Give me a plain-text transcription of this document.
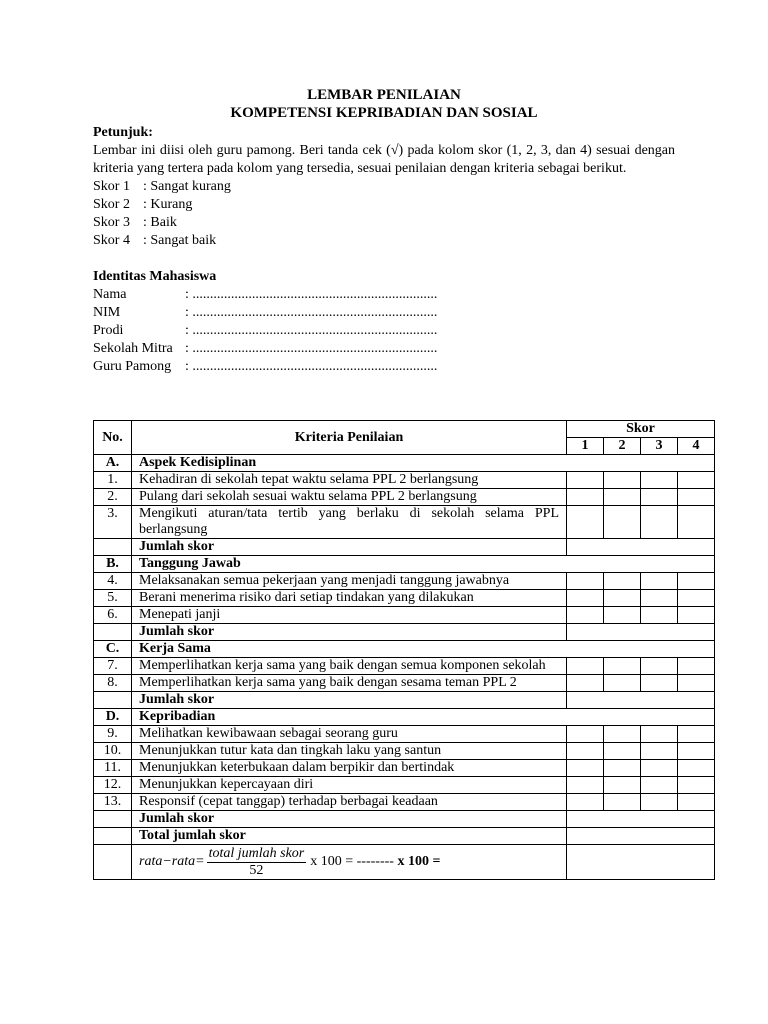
LEMBAR PENILAIAN

KOMPETENSI KEPRIBADIAN DAN SOSIAL

Petunjuk:

Lembar ini diisi oleh guru pamong. Beri tanda cek (√) pada kolom skor (1, 2, 3, dan 4) sesuai dengan kriteria yang tertera pada kolom yang tersedia, sesuai penilaian dengan kriteria sebagai berikut.

Skor 1 : Sangat kurang
Skor 2 : Kurang
Skor 3 : Baik
Skor 4 : Sangat baik

Identitas Mahasiswa

Nama	: ......................................................................
NIM	: ......................................................................
Prodi	: ......................................................................
Sekolah Mitra : ......................................................................
Guru Pamong : ......................................................................
No.	Kriteria Penilaian	Skor			
		1	2	3	4
A.	Aspek Kedisiplinan				
1.	Kehadiran di sekolah tepat waktu selama PPL 2 berlangsung				
2.	Pulang dari sekolah sesuai waktu selama PPL 2 berlangsung				
3.	Mengikuti aturan/tata tertib yang berlaku di sekolah selama PPL berlangsung				
	Jumlah skor				
B.	Tanggung Jawab				
4.	Melaksanakan semua pekerjaan yang menjadi tanggung jawabnya				
5.	Berani menerima risiko dari setiap tindakan yang dilakukan				
6.	Menepati janji				
	Jumlah skor				
C.	Kerja Sama				
7.	Memperlihatkan kerja sama yang baik dengan semua komponen sekolah				
8.	Memperlihatkan kerja sama yang baik dengan sesama teman PPL 2				
	Jumlah skor				
D.	Kepribadian				
9.	Melihatkan kewibawaan sebagai seorang guru				
10.	Menunjukkan tutur kata dan tingkah laku yang santun				
11.	Menunjukkan keterbukaan dalam berpikir dan bertindak				
12.	Menunjukkan kepercayaan diri				
13.	Responsif (cepat tanggap) terhadap berbagai keadaan				
	Jumlah skor				
	Total jumlah skor				

	rata−rata= $\frac{\text{total jumlah skor}}{52}$ x 100 = -------- x 100 =				
